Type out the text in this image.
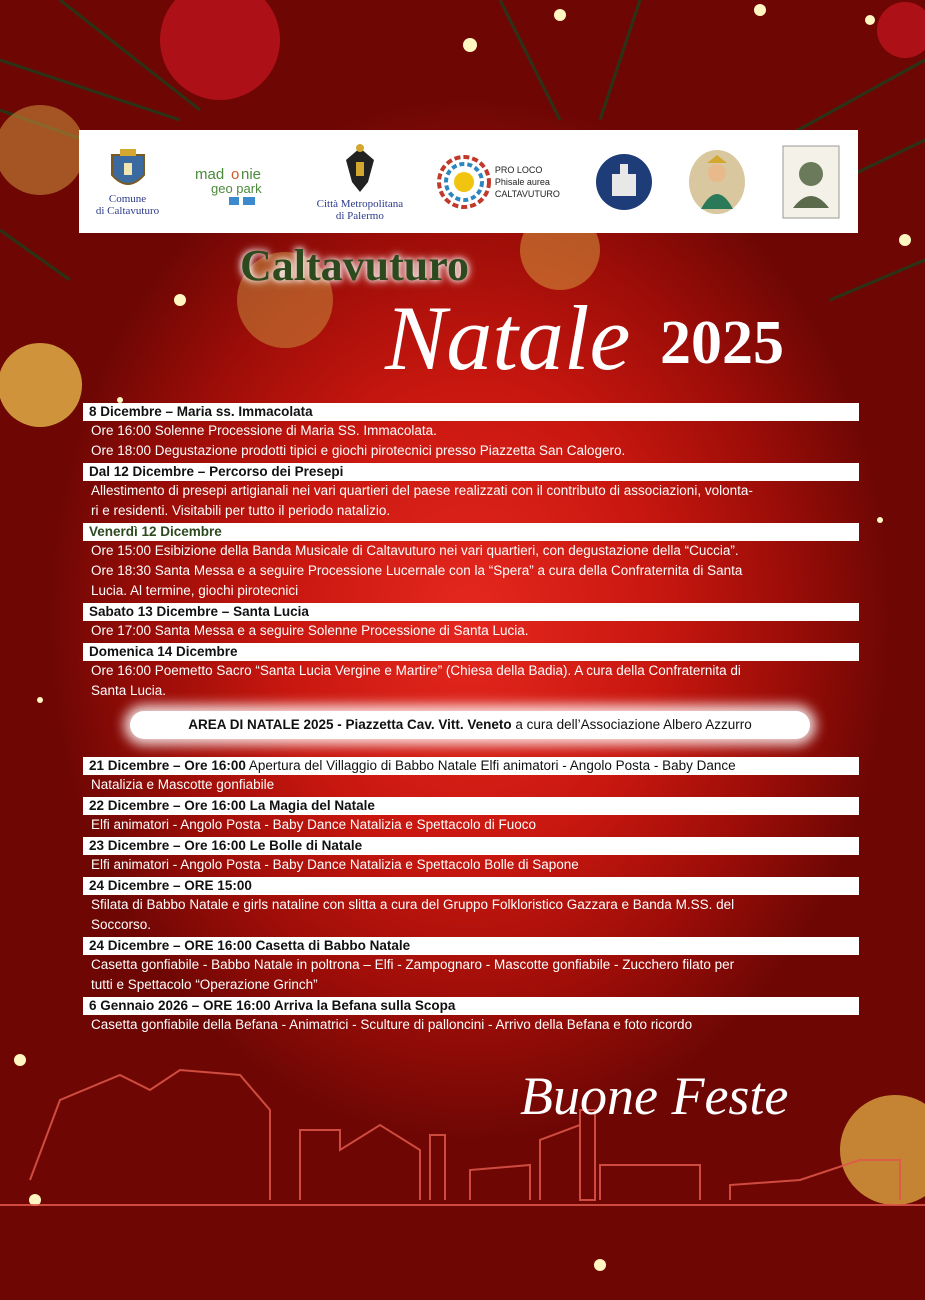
Comune
di Caltavuturo
mad o nie
geo park
Città Metropolitana
di Palermo
PRO LOCO
Phisale aurea
CALTAVUTURO
Caltavuturo
Natale 2025
8 Dicembre – Maria ss. Immacolata
Ore 16:00 Solenne Processione di Maria SS. Immacolata.
Ore 18:00 Degustazione prodotti tipici e giochi pirotecnici presso Piazzetta San Calogero.
Dal 12 Dicembre – Percorso dei Presepi
Allestimento di presepi artigianali nei vari quartieri del paese realizzati con il contributo di associazioni, volonta-
ri e residenti. Visitabili per tutto il periodo natalizio.
Venerdì 12 Dicembre
Ore 15:00 Esibizione della Banda Musicale di Caltavuturo nei vari quartieri, con degustazione della “Cuccia”.
Ore 18:30 Santa Messa e a seguire Processione Lucernale con la “Spera” a cura della Confraternita di Santa
Lucia. Al termine, giochi pirotecnici
Sabato 13 Dicembre – Santa Lucia
Ore 17:00 Santa Messa e a seguire Solenne Processione di Santa Lucia.
Domenica 14 Dicembre
Ore 16:00 Poemetto Sacro “Santa Lucia Vergine e Martire” (Chiesa della Badia). A cura della Confraternita di
Santa Lucia.
AREA DI NATALE 2025 - Piazzetta Cav. Vitt. Veneto a cura dell’Associazione Albero Azzurro
21 Dicembre – Ore 16:00 Apertura del Villaggio di Babbo Natale Elfi animatori - Angolo Posta - Baby Dance
Natalizia e Mascotte gonfiabile
22 Dicembre – Ore 16:00 La Magia del Natale
Elfi animatori - Angolo Posta - Baby Dance Natalizia e Spettacolo di Fuoco
23 Dicembre – Ore 16:00 Le Bolle di Natale
Elfi animatori - Angolo Posta - Baby Dance Natalizia e Spettacolo Bolle di Sapone
24 Dicembre – ORE 15:00
Sfilata di Babbo Natale e girls nataline con slitta a cura del Gruppo Folkloristico Gazzara e Banda M.SS. del
Soccorso.
24 Dicembre – ORE 16:00 Casetta di Babbo Natale
Casetta gonfiabile - Babbo Natale in poltrona – Elfi - Zampognaro - Mascotte gonfiabile - Zucchero filato per
tutti e Spettacolo “Operazione Grinch”
6 Gennaio 2026 – ORE 16:00 Arriva la Befana sulla Scopa
Casetta gonfiabile della Befana - Animatrici - Sculture di palloncini - Arrivo della Befana e foto ricordo
Buone Feste
